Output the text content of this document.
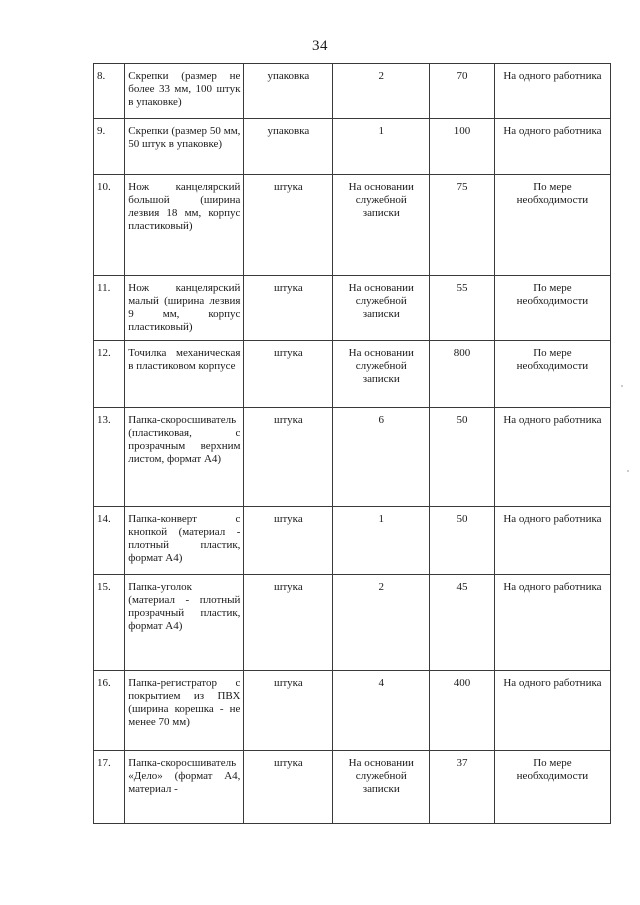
34
8.	Скрепки (размер не более 33 мм, 100 штук в упаковке)	упаковка	2	70	На одного работника
9.	Скрепки (размер 50 мм, 50 штук в упаковке)	упаковка	1	100	На одного работника
10.	Нож канцелярский большой (ширина лезвия 18 мм, корпус пластиковый)	штука	На основании служебной записки	75	По мере необходимости
11.	Нож канцелярский малый (ширина лезвия 9 мм, корпус пластиковый)	штука	На основании служебной записки	55	По мере необходимости
12.	Точилка механическая в пластиковом корпусе	штука	На основании служебной записки	800	По мере необходимости
13.	Папка-скоросшиватель (пластиковая, с прозрачным верхним листом, формат А4)	штука	6	50	На одного работника
14.	Папка-конверт с кнопкой (материал - плотный пластик, формат А4)	штука	1	50	На одного работника
15.	Папка-уголок (материал - плотный прозрачный пластик, формат А4)	штука	2	45	На одного работника
16.	Папка-регистратор с покрытием из ПВХ (ширина корешка - не менее 70 мм)	штука	4	400	На одного работника
17.	Папка-скоросшиватель «Дело» (формат А4, материал -	штука	На основании служебной записки	37	По мере необходимости
